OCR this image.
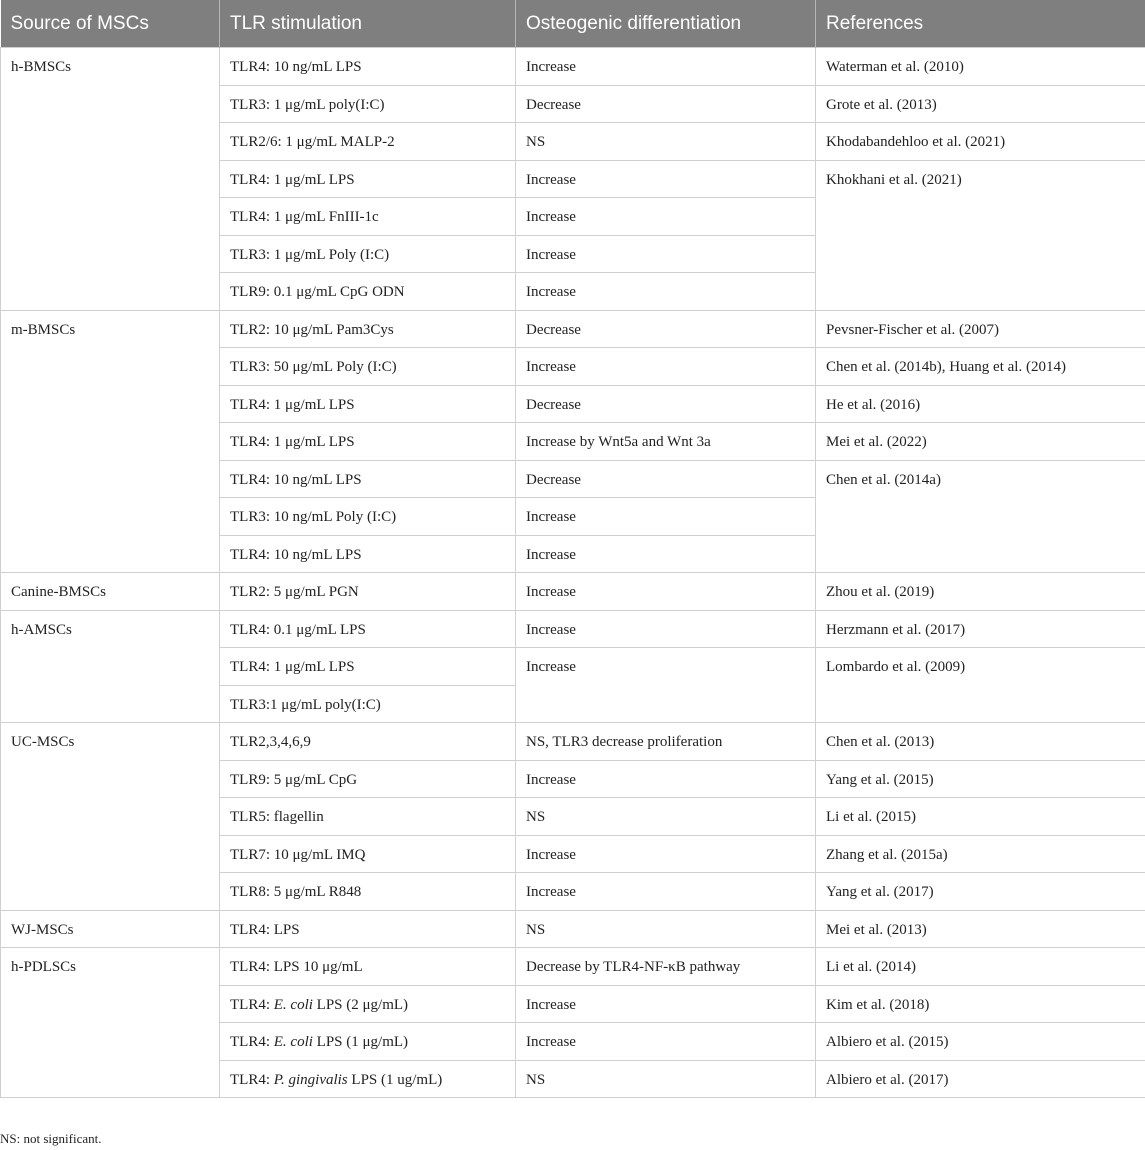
Source of MSCs	TLR stimulation	Osteogenic differentiation	References

h-BMSCs	TLR4: 10 ng/mL LPS	Increase	Waterman et al. (2010)

	TLR3: 1 μg/mL poly(I:C)	Decrease	Grote et al. (2013)

	TLR2/6: 1 μg/mL MALP-2	NS	Khodabandehloo et al. (2021)

	TLR4: 1 μg/mL LPS	Increase	Khokhani et al. (2021)

	TLR4: 1 μg/mL FnIII-1c	Increase	

	TLR3: 1 μg/mL Poly (I:C)	Increase	

	TLR9: 0.1 μg/mL CpG ODN	Increase	

m-BMSCs	TLR2: 10 μg/mL Pam3Cys	Decrease	Pevsner-Fischer et al. (2007)

	TLR3: 50 μg/mL Poly (I:C)	Increase	Chen et al. (2014b), Huang et al. (2014)

	TLR4: 1 μg/mL LPS	Decrease	He et al. (2016)

	TLR4: 1 μg/mL LPS	Increase by Wnt5a and Wnt 3a	Mei et al. (2022)

	TLR4: 10 ng/mL LPS	Decrease	Chen et al. (2014a)

	TLR3: 10 ng/mL Poly (I:C)	Increase	

	TLR4: 10 ng/mL LPS	Increase	

Canine-BMSCs	TLR2: 5 μg/mL PGN	Increase	Zhou et al. (2019)

h-AMSCs	TLR4: 0.1 μg/mL LPS	Increase	Herzmann et al. (2017)

	TLR4: 1 μg/mL LPS	Increase	Lombardo et al. (2009)

	TLR3:1 μg/mL poly(I:C)		

UC-MSCs	TLR2,3,4,6,9	NS, TLR3 decrease proliferation	Chen et al. (2013)

	TLR9: 5 μg/mL CpG	Increase	Yang et al. (2015)

	TLR5: flagellin	NS	Li et al. (2015)

	TLR7: 10 μg/mL IMQ	Increase	Zhang et al. (2015a)

	TLR8: 5 μg/mL R848	Increase	Yang et al. (2017)

WJ-MSCs	TLR4: LPS	NS	Mei et al. (2013)

h-PDLSCs	TLR4: LPS 10 μg/mL	Decrease by TLR4-NF-κB pathway	Li et al. (2014)

	TLR4: E. coli LPS (2 μg/mL)	Increase	Kim et al. (2018)

	TLR4: E. coli LPS (1 μg/mL)	Increase	Albiero et al. (2015)

	TLR4: P. gingivalis LPS (1 ug/mL)	NS	Albiero et al. (2017)
NS: not significant.
